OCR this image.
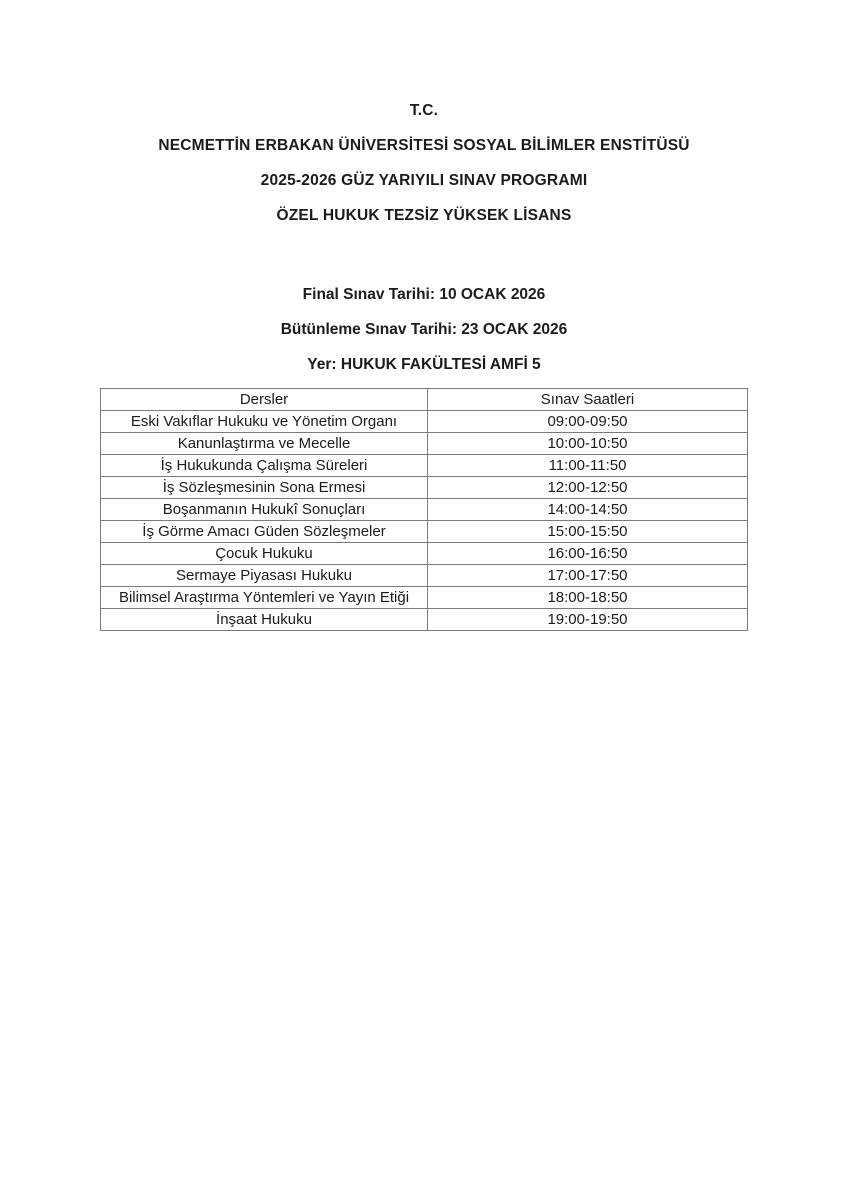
T.C.
NECMETTİN ERBAKAN ÜNİVERSİTESİ SOSYAL BİLİMLER ENSTİTÜSÜ
2025-2026 GÜZ YARIYILI SINAV PROGRAMI
ÖZEL HUKUK TEZSİZ YÜKSEK LİSANS
Final Sınav Tarihi: 10 OCAK 2026
Bütünleme Sınav Tarihi: 23 OCAK 2026
Yer: HUKUK FAKÜLTESİ AMFİ 5
Dersler	Sınav Saatleri
Eski Vakıflar Hukuku ve Yönetim Organı	09:00-09:50
Kanunlaştırma ve Mecelle	10:00-10:50
İş Hukukunda Çalışma Süreleri	11:00-11:50
İş Sözleşmesinin Sona Ermesi	12:00-12:50
Boşanmanın Hukukî Sonuçları	14:00-14:50
İş Görme Amacı Güden Sözleşmeler	15:00-15:50
Çocuk Hukuku	16:00-16:50
Sermaye Piyasası Hukuku	17:00-17:50
Bilimsel Araştırma Yöntemleri ve Yayın Etiği	18:00-18:50
İnşaat Hukuku	19:00-19:50
